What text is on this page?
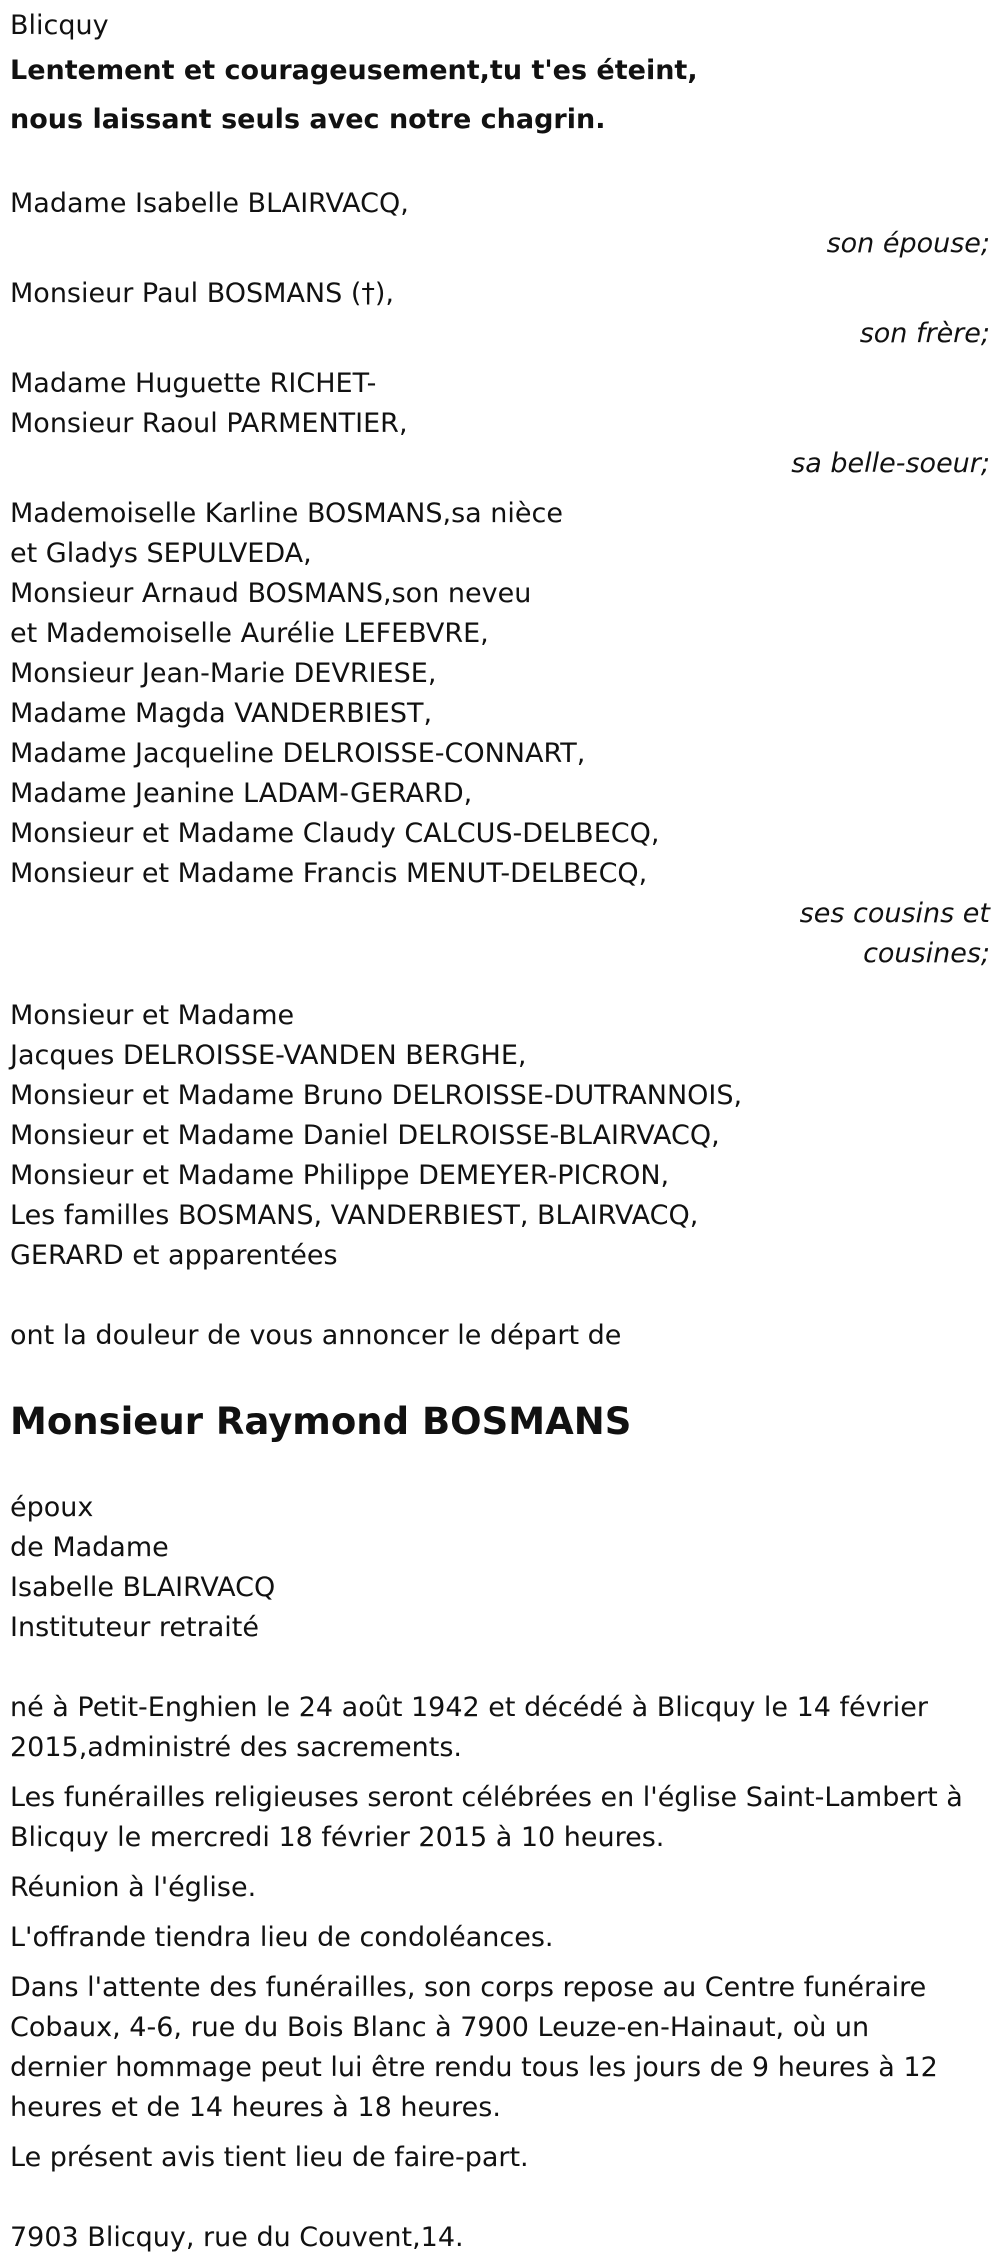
Blicquy
Lentement et courageusement,tu t'es éteint,
nous laissant seuls avec notre chagrin.
Madame Isabelle BLAIRVACQ,
son épouse;
Monsieur Paul BOSMANS (†),
son frère;
Madame Huguette RICHET-
Monsieur Raoul PARMENTIER,
sa belle-soeur;
Mademoiselle Karline BOSMANS,sa nièce
et Gladys SEPULVEDA,
Monsieur Arnaud BOSMANS,son neveu
et Mademoiselle Aurélie LEFEBVRE,
Monsieur Jean-Marie DEVRIESE,
Madame Magda VANDERBIEST,
Madame Jacqueline DELROISSE-CONNART,
Madame Jeanine LADAM-GERARD,
Monsieur et Madame Claudy CALCUS-DELBECQ,
Monsieur et Madame Francis MENUT-DELBECQ,
ses cousins et
cousines;
Monsieur et Madame
Jacques DELROISSE-VANDEN BERGHE,
Monsieur et Madame Bruno DELROISSE-DUTRANNOIS,
Monsieur et Madame Daniel DELROISSE-BLAIRVACQ,
Monsieur et Madame Philippe DEMEYER-PICRON,
Les familles BOSMANS, VANDERBIEST, BLAIRVACQ,
GERARD et apparentées
ont la douleur de vous annoncer le départ de
Monsieur Raymond BOSMANS
époux
de Madame
Isabelle BLAIRVACQ
Instituteur retraité
né à Petit-Enghien le 24 août 1942 et décédé à Blicquy le 14 février 2015,administré des sacrements.
Les funérailles religieuses seront célébrées en l'église Saint-Lambert à Blicquy le mercredi 18 février 2015 à 10 heures.
Réunion à l'église.
L'offrande tiendra lieu de condoléances.
Dans l'attente des funérailles, son corps repose au Centre funéraire Cobaux, 4-6, rue du Bois Blanc à 7900 Leuze-en-Hainaut, où un dernier hommage peut lui être rendu tous les jours de 9 heures à 12 heures et de 14 heures à 18 heures.
Le présent avis tient lieu de faire-part.
7903 Blicquy, rue du Couvent,14.
